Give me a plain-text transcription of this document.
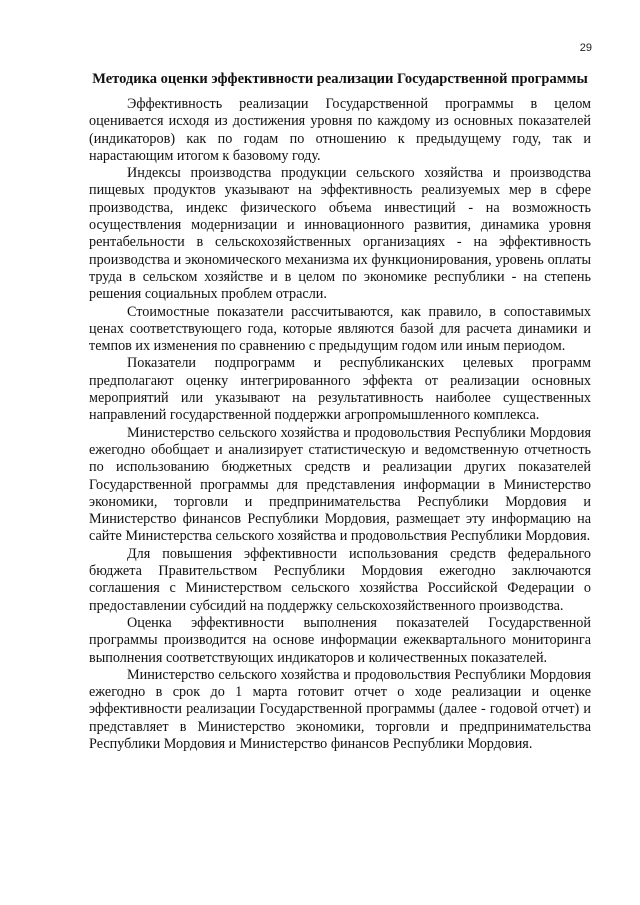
29
Методика оценки эффективности реализации Государственной программы

Эффективность реализации Государственной программы в целом оценивается исходя из достижения уровня по каждому из основных показателей (индикаторов) как по годам по отношению к предыдущему году, так и нарастающим итогом к базовому году.

Индексы производства продукции сельского хозяйства и производства пищевых продуктов указывают на эффективность реализуемых мер в сфере производства, индекс физического объема инвестиций - на возможность осуществления модернизации и инновационного развития, динамика уровня рентабельности в сельскохозяйственных организациях - на эффективность производства и экономического механизма их функционирования, уровень оплаты труда в сельском хозяйстве и в целом по экономике республики - на степень решения социальных проблем отрасли.

Стоимостные показатели рассчитываются, как правило, в сопоставимых ценах соответствующего года, которые являются базой для расчета динамики и темпов их изменения по сравнению с предыдущим годом или иным периодом.

Показатели подпрограмм и республиканских целевых программ предполагают оценку интегрированного эффекта от реализации основных мероприятий или указывают на результативность наиболее существенных направлений государственной поддержки агропромышленного комплекса.

Министерство сельского хозяйства и продовольствия Республики Мордовия ежегодно обобщает и анализирует статистическую и ведомственную отчетность по использованию бюджетных средств и реализации других показателей Государственной программы для представления информации в Министерство экономики, торговли и предпринимательства Республики Мордовия и Министерство финансов Республики Мордовия, размещает эту информацию на сайте Министерства сельского хозяйства и продовольствия Республики Мордовия.

Для повышения эффективности использования средств федерального бюджета Правительством Республики Мордовия ежегодно заключаются соглашения с Министерством сельского хозяйства Российской Федерации о предоставлении субсидий на поддержку сельскохозяйственного производства.

Оценка эффективности выполнения показателей Государственной программы производится на основе информации ежеквартального мониторинга выполнения соответствующих индикаторов и количественных показателей.

Министерство сельского хозяйства и продовольствия Республики Мордовия ежегодно в срок до 1 марта готовит отчет о ходе реализации и оценке эффективности реализации Государственной программы (далее - годовой отчет) и представляет в Министерство экономики, торговли и предпринимательства Республики Мордовия и Министерство финансов Республики Мордовия.
